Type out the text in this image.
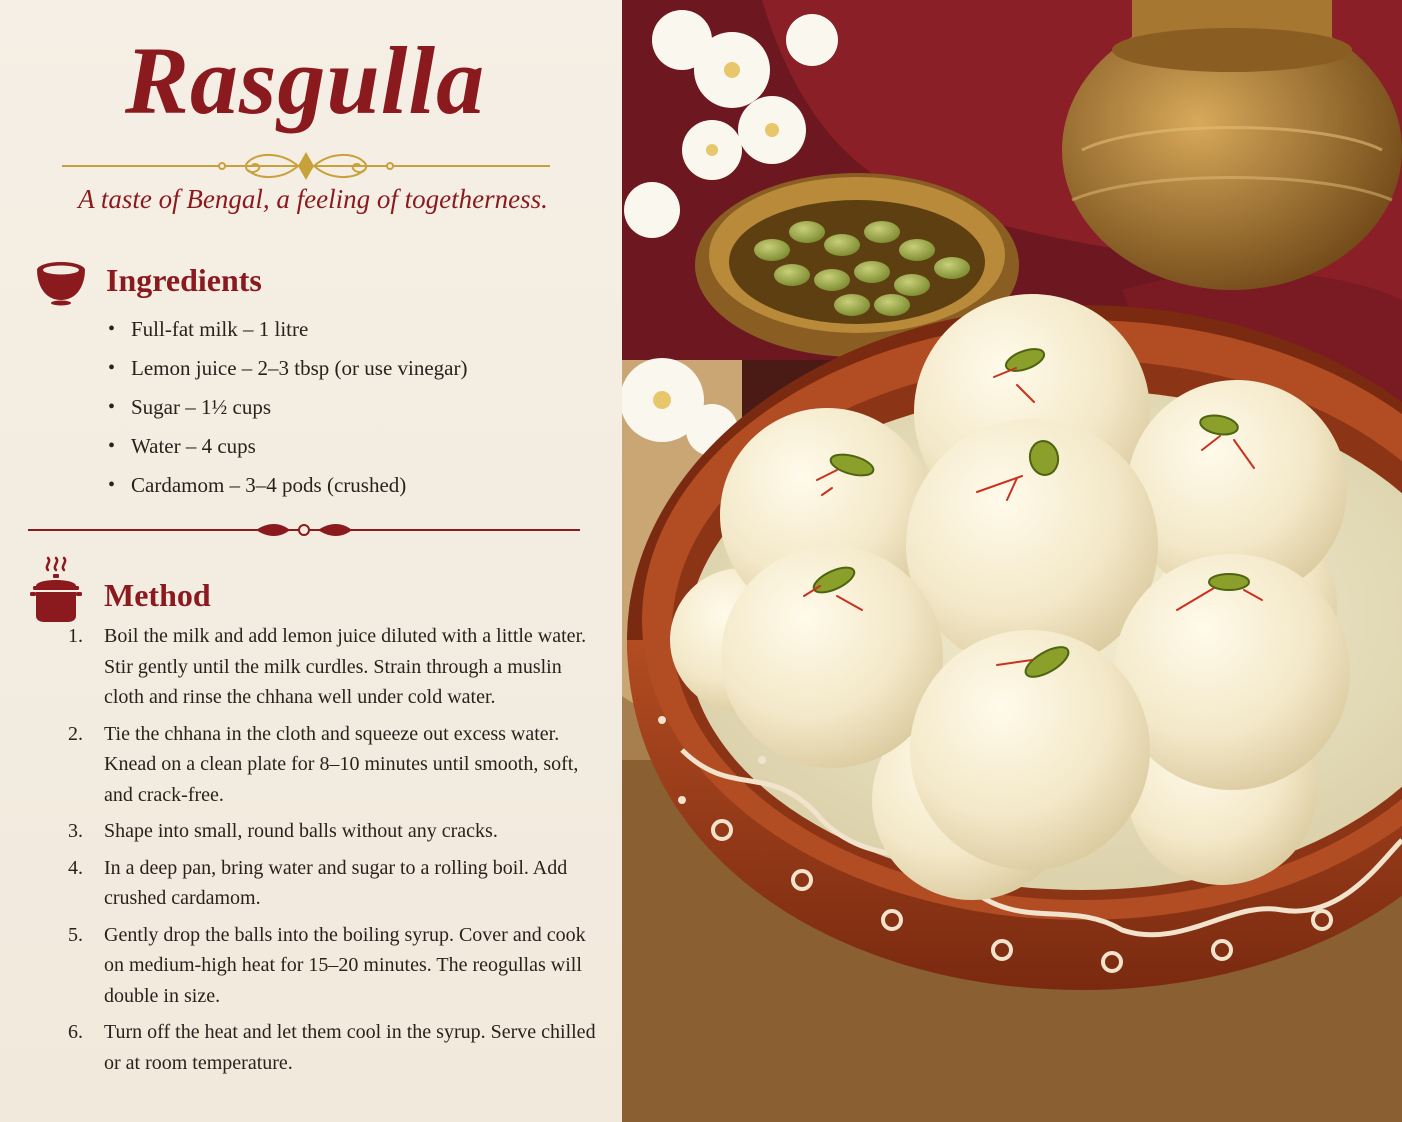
Rasgulla
A taste of Bengal, a feeling of togetherness.
Ingredients
• Full-fat milk – 1 litre
• Lemon juice – 2–3 tbsp (or use vinegar)
• Sugar – 1½ cups
• Water – 4 cups
• Cardamom – 3–4 pods (crushed)
Method
1.	Boil the milk and add lemon juice diluted with a little water. Stir gently until the milk curdles. Strain through a muslin cloth and rinse the chhana well under cold water.
2.	Tie the chhana in the cloth and squeeze out excess water. Knead on a clean plate for 8–10 minutes until smooth, soft, and crack-free.
3.	Shape into small, round balls without any cracks.
4.	In a deep pan, bring water and sugar to a rolling boil. Add crushed cardamom.
5.	Gently drop the balls into the boiling syrup. Cover and cook on medium-high heat for 15–20 minutes. The reogullas will double in size.
6.	Turn off the heat and let them cool in the syrup. Serve chilled or at room temperature.
